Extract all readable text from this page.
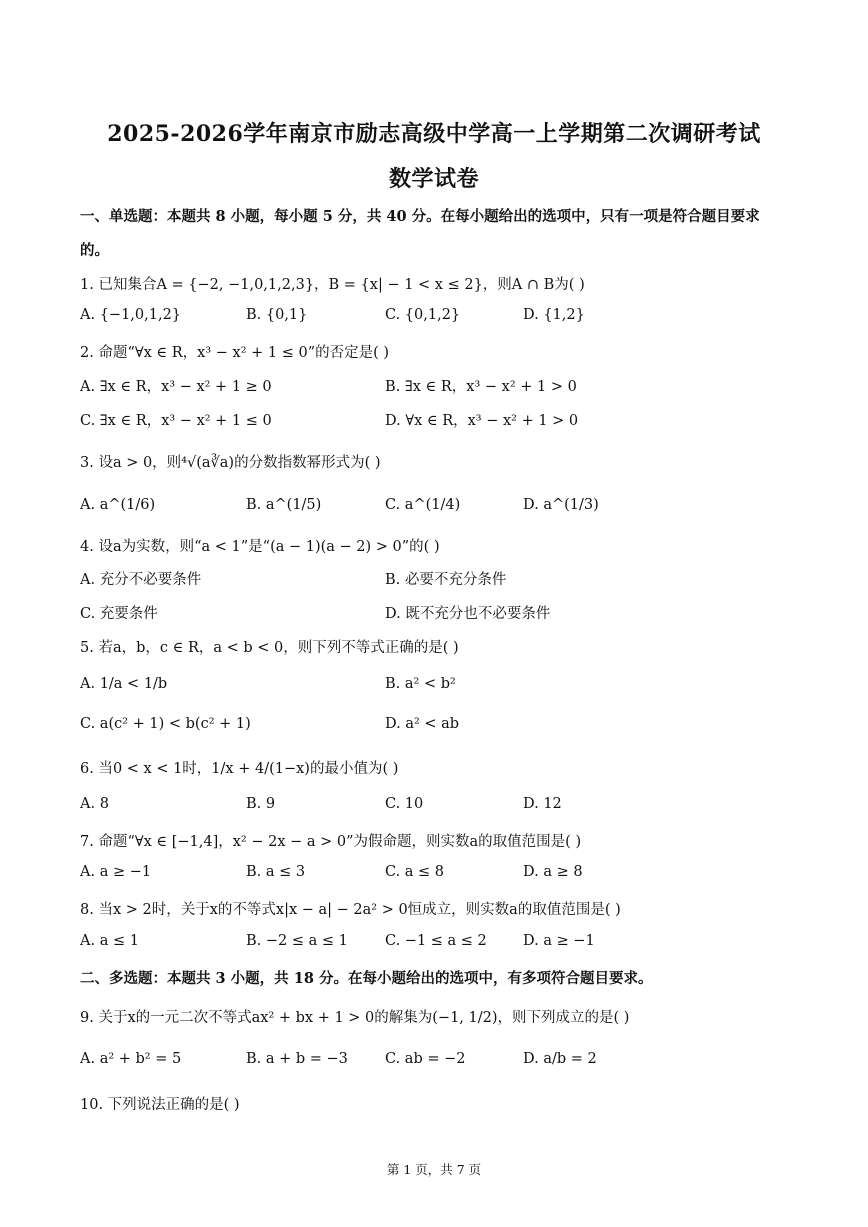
2025-2026学年南京市励志高级中学高一上学期第二次调研考试
数学试卷
一、单选题：本题共 8 小题，每小题 5 分，共 40 分。在每小题给出的选项中，只有一项是符合题目要求
的。
1. 已知集合A = {−2, −1,0,1,2,3}，B = {x| − 1 < x ≤ 2}，则A ∩ B为( )
A. {−1,0,1,2}	B. {0,1}	C. {0,1,2}	D. {1,2}
2. 命题“∀x ∈ R，x³ − x² + 1 ≤ 0”的否定是( )
A. ∃x ∈ R，x³ − x² + 1 ≥ 0	B. ∃x ∈ R，x³ − x² + 1 > 0
C. ∃x ∈ R，x³ − x² + 1 ≤ 0	D. ∀x ∈ R，x³ − x² + 1 > 0
3. 设a > 0，则⁴√(a∛a)的分数指数幂形式为( )
A. a^(1/6)	B. a^(1/5)	C. a^(1/4)	D. a^(1/3)
4. 设a为实数，则“a < 1”是“(a − 1)(a − 2) > 0”的( )
A. 充分不必要条件	B. 必要不充分条件
C. 充要条件	D. 既不充分也不必要条件
5. 若a，b，c ∈ R，a < b < 0，则下列不等式正确的是( )
A. 1/a < 1/b	B. a² < b²
C. a(c² + 1) < b(c² + 1)	D. a² < ab
6. 当0 < x < 1时，1/x + 4/(1−x)的最小值为( )
A. 8	B. 9	C. 10	D. 12
7. 命题“∀x ∈ [−1,4]，x² − 2x − a > 0”为假命题，则实数a的取值范围是( )
A. a ≥ −1	B. a ≤ 3	C. a ≤ 8	D. a ≥ 8
8. 当x > 2时，关于x的不等式x|x − a| − 2a² > 0恒成立，则实数a的取值范围是( )
A. a ≤ 1	B. −2 ≤ a ≤ 1	C. −1 ≤ a ≤ 2 D. a ≥ −1
二、多选题：本题共 3 小题，共 18 分。在每小题给出的选项中，有多项符合题目要求。
9. 关于x的一元二次不等式ax² + bx + 1 > 0的解集为(−1, 1/2)，则下列成立的是( )
A. a² + b² = 5	B. a + b = −3	C. ab = −2	D. a/b = 2
10. 下列说法正确的是( )
第 1 页，共 7 页
